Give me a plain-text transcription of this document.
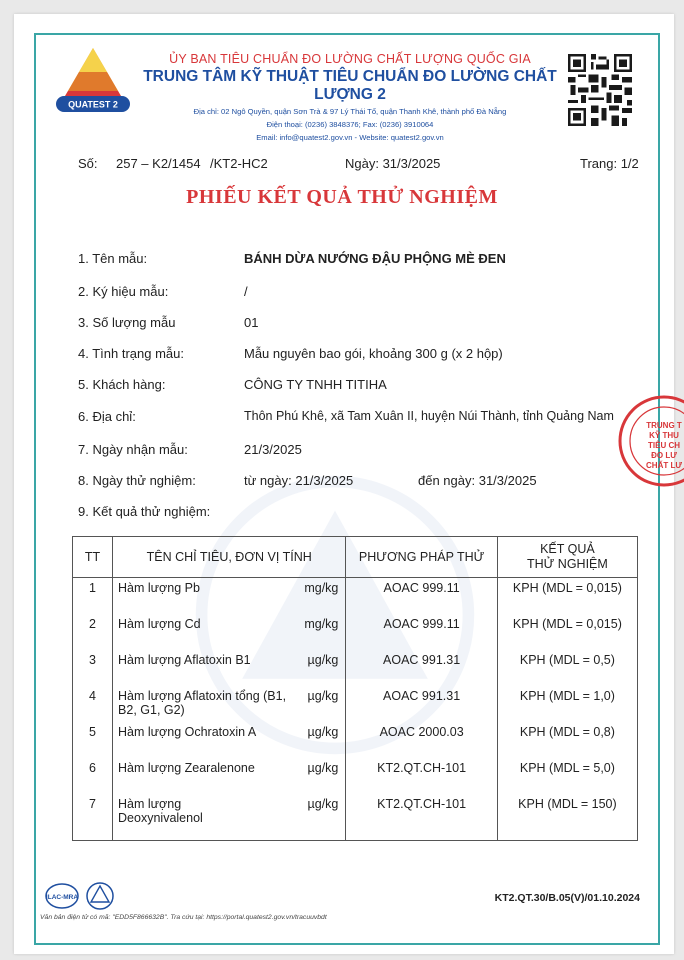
QUATEST 2
ỦY BAN TIÊU CHUẨN ĐO LƯỜNG CHẤT LƯỢNG QUỐC GIA
TRUNG TÂM KỸ THUẬT TIÊU CHUẨN ĐO LƯỜNG CHẤT LƯỢNG 2
Địa chỉ: 02 Ngô Quyền, quận Sơn Trà & 97 Lý Thái Tổ, quận Thanh Khê, thành phố Đà Nẵng
Điện thoại: (0236) 3848376; Fax: (0236) 3910064
Email: info@quatest2.gov.vn - Website: quatest2.gov.vn
Số: 257 – K2/1454 /KT2-HC2	Ngày: 31/3/2025	Trang: 1/2
PHIẾU KẾT QUẢ THỬ NGHIỆM
1. Tên mẫu:	BÁNH DỪA NƯỚNG ĐẬU PHỘNG MÈ ĐEN
2. Ký hiệu mẫu:	/
3. Số lượng mẫu	01
4. Tình trạng mẫu:	Mẫu nguyên bao gói, khoảng 300 g (x 2 hộp)
5. Khách hàng:	CÔNG TY TNHH TITIHA
6. Địa chỉ:	Thôn Phú Khê, xã Tam Xuân II, huyện Núi Thành, tỉnh Quảng Nam
7. Ngày nhận mẫu:	21/3/2025
8. Ngày thử nghiệm:	từ ngày: 21/3/2025	đến ngày: 31/3/2025
9. Kết quả thử nghiệm:
TRUNG T
KỸ THU
TIÊU CH
ĐO LƯ
CHẤT LƯ
TT	TÊN CHỈ TIÊU, ĐƠN VỊ TÍNH	PHƯƠNG PHÁP THỬ	KẾT QUẢ
THỬ NGHIỆM

1	Hàm lượng Pb mg/kg	AOAC 999.11	KPH (MDL = 0,015)
2	Hàm lượng Cd mg/kg	AOAC 999.11	KPH (MDL = 0,015)
3	Hàm lượng Aflatoxin B1 µg/kg	AOAC 991.31	KPH (MDL = 0,5)
4	Hàm lượng Aflatoxin tổng (B1, B2, G1, G2)
µg/kg	AOAC 991.31	KPH (MDL = 1,0)
5	Hàm lượng Ochratoxin A µg/kg	AOAC 2000.03	KPH (MDL = 0,8)
6	Hàm lượng Zearalenone µg/kg	KT2.QT.CH-101	KPH (MDL = 5,0)
7	Hàm lượng Deoxynivalenol
µg/kg	KT2.QT.CH-101	KPH (MDL = 150)
ILAC-MRA	KT2.QT.30/B.05(V)/01.10.2024
Văn bản điện tử có mã: "EDD5F866632B". Tra cứu tại: https://portal.quatest2.gov.vn/tracuuvbdt
